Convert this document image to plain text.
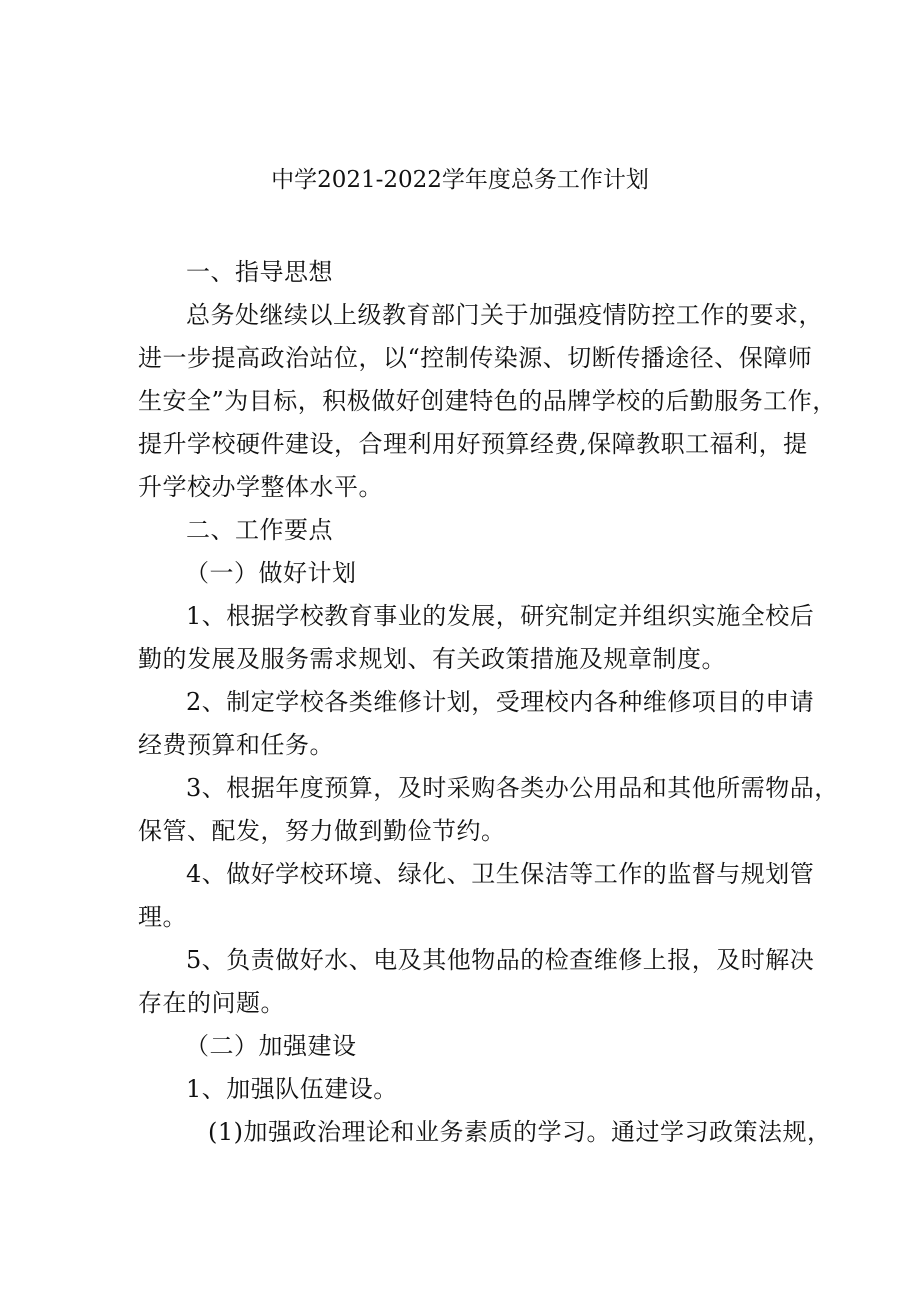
中学2021-2022学年度总务工作计划
一、指导思想
总务处继续以上级教育部门关于加强疫情防控工作的要求，
进一步提高政治站位，以“控制传染源、切断传播途径、保障师
生安全”为目标，积极做好创建特色的品牌学校的后勤服务工作，
提升学校硬件建设，合理利用好预算经费,保障教职工福利，提
升学校办学整体水平。
二、工作要点
（一）做好计划
1、根据学校教育事业的发展，研究制定并组织实施全校后
勤的发展及服务需求规划、有关政策措施及规章制度。
2、制定学校各类维修计划，受理校内各种维修项目的申请
经费预算和任务。
3、根据年度预算，及时采购各类办公用品和其他所需物品，
保管、配发，努力做到勤俭节约。
4、做好学校环境、绿化、卫生保洁等工作的监督与规划管
理。
5、负责做好水、电及其他物品的检查维修上报，及时解决
存在的问题。
（二）加强建设
1、加强队伍建设。
(1)加强政治理论和业务素质的学习。通过学习政策法规，
